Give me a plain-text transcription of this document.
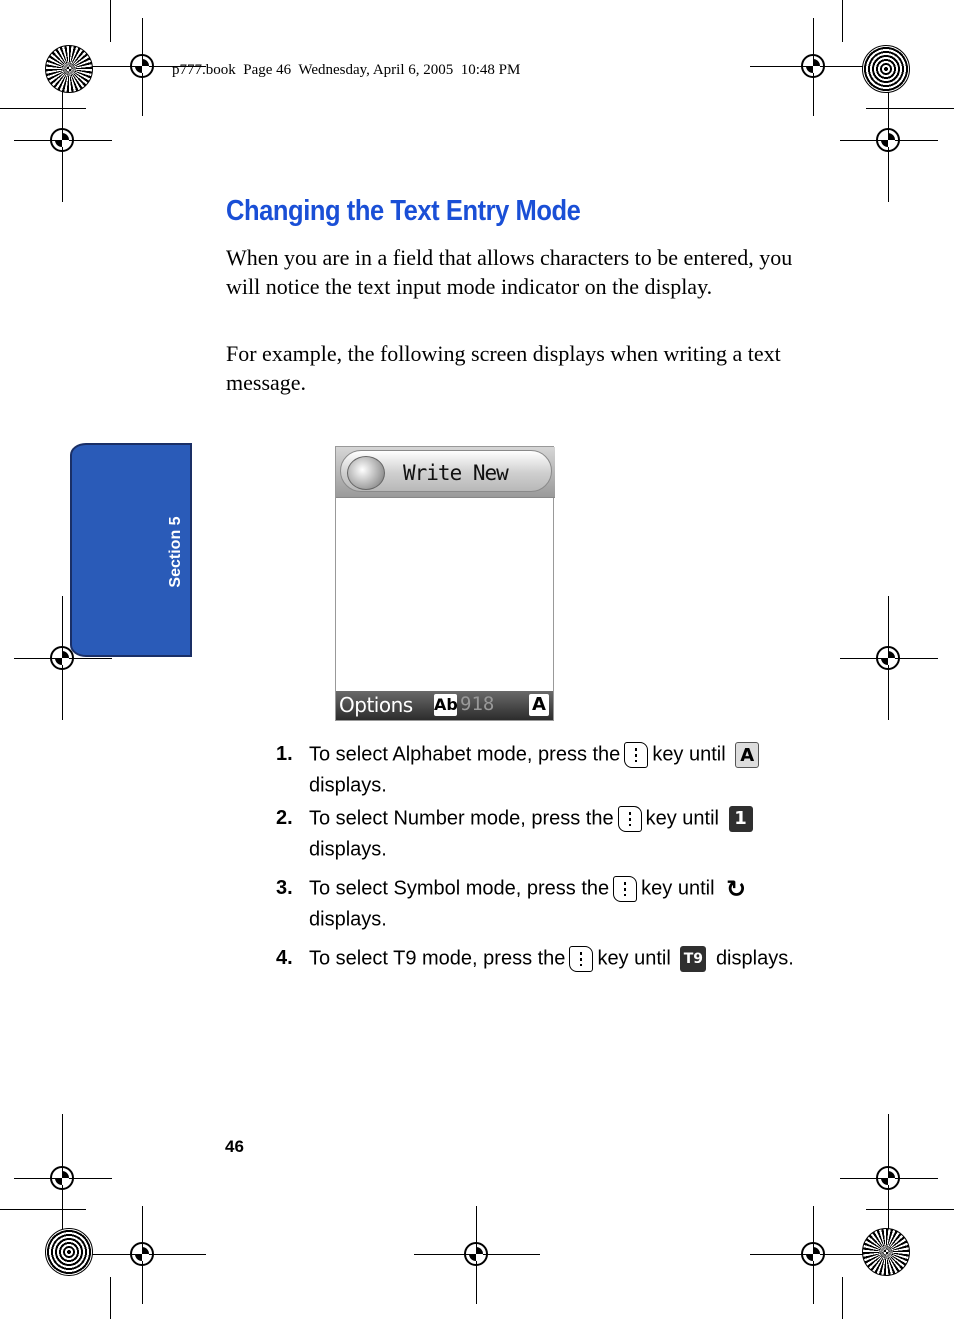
p777.book  Page 46  Wednesday, April 6, 2005  10:48 PM
Section 5
Changing the Text Entry Mode
When you are in a field that allows characters to be entered, you will notice the text input mode indicator on the display.
For example, the following screen displays when writing a text message.
Write New
Options Ab 918 A
1. To select Alphabet mode, press the key until A
displays.
2. To select Number mode, press the key until 1
displays.
3. To select Symbol mode, press the key until ↻
displays.
4. To select T9 mode, press the key until T9 displays.
46
